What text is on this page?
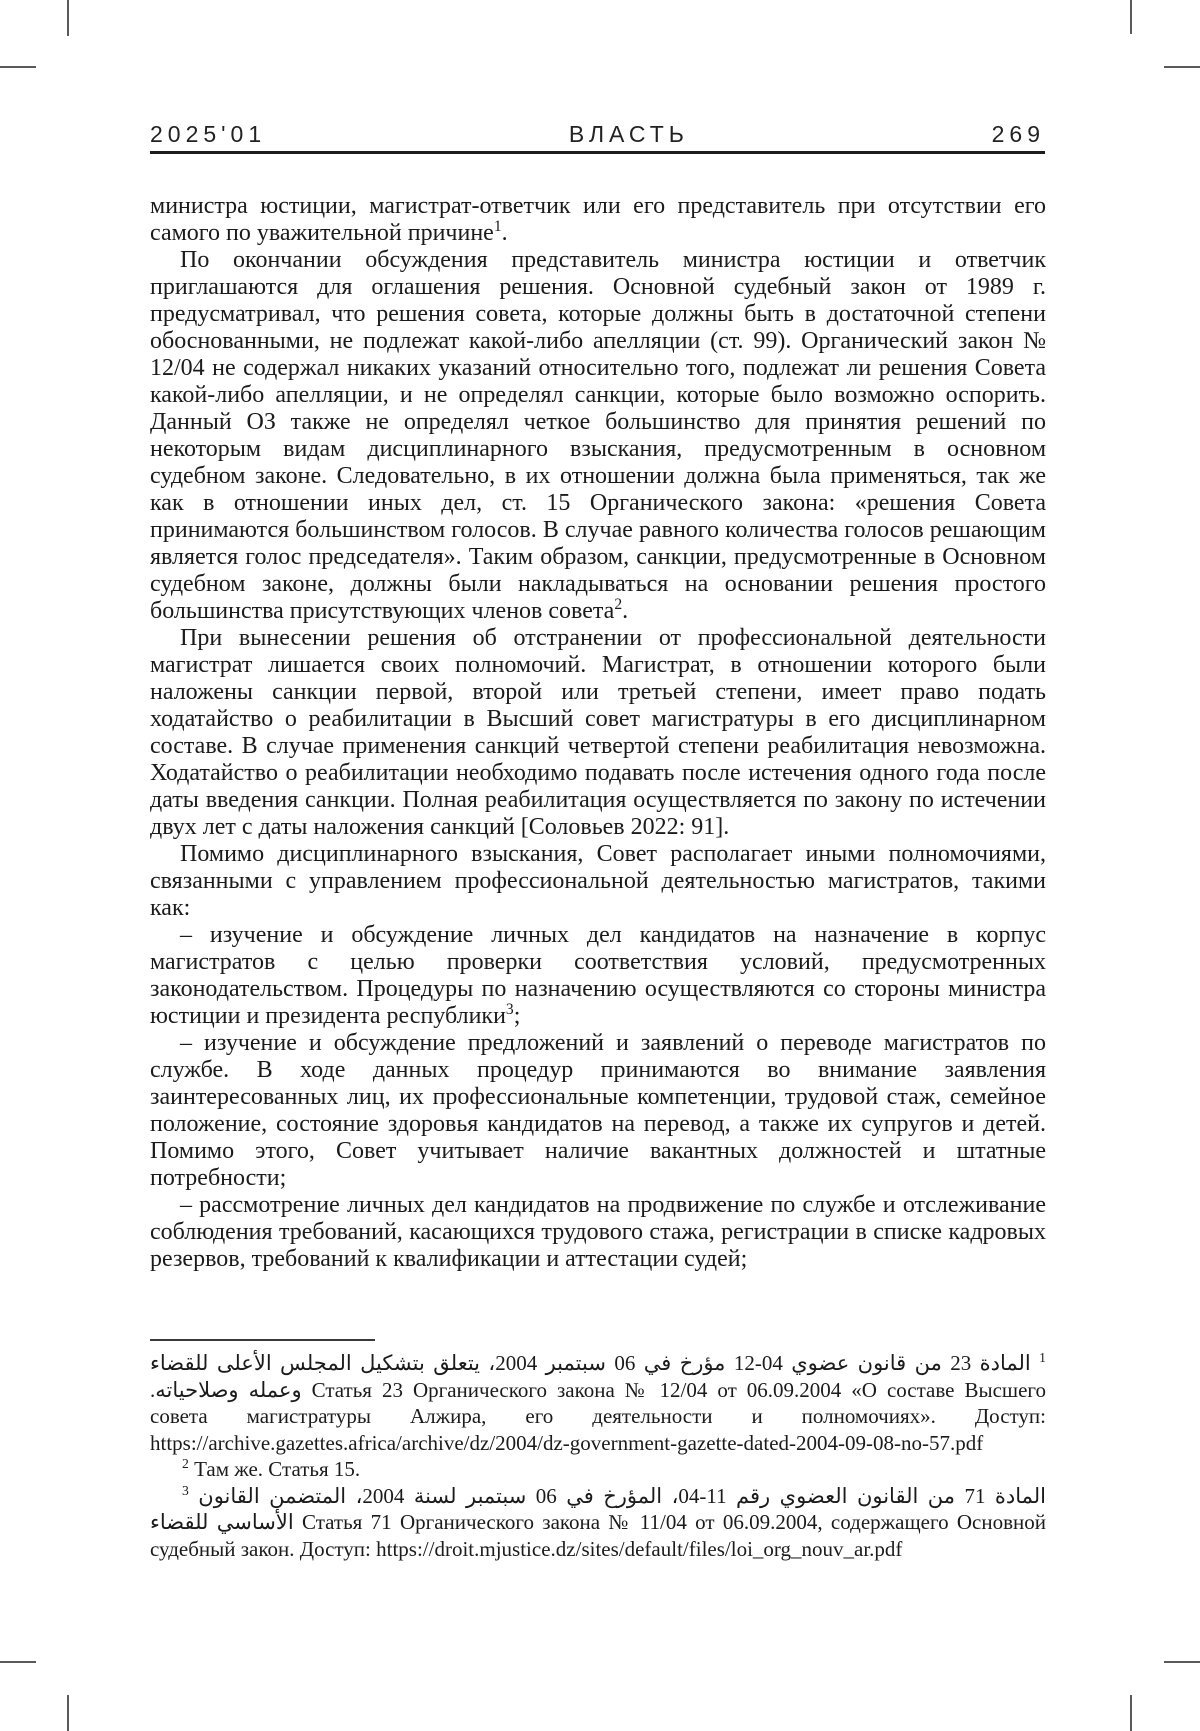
2025'01	ВЛАСТЬ	269

министра юстиции, магистрат-ответчик или его представитель при отсутствии его самого по уважительной причине$^1$.

По окончании обсуждения представитель министра юстиции и ответчик приглашаются для оглашения решения. Основной судебный закон от 1989 г. предусматривал, что решения совета, которые должны быть в достаточной степени обоснованными, не подлежат какой-либо апелляции (ст. 99). Органический закон № 12/04 не содержал никаких указаний относительно того, подлежат ли решения Совета какой-либо апелляции, и не определял санкции, которые было возможно оспорить. Данный ОЗ также не определял четкое большинство для принятия решений по некоторым видам дисциплинарного взыскания, предусмотренным в основном судебном законе. Следовательно, в их отношении должна была применяться, так же как в отношении иных дел, ст. 15 Органического закона: «решения Совета принимаются большинством голосов. В случае равного количества голосов решающим является голос председателя». Таким образом, санкции, предусмотренные в Основном судебном законе, должны были накладываться на основании решения простого большинства присутствующих членов совета$^2$.

При вынесении решения об отстранении от профессиональной деятельности магистрат лишается своих полномочий. Магистрат, в отношении которого были наложены санкции первой, второй или третьей степени, имеет право подать ходатайство о реабилитации в Высший совет магистратуры в его дисциплинарном составе. В случае применения санкций четвертой степени реабилитация невозможна. Ходатайство о реабилитации необходимо подавать после истечения одного года после даты введения санкции. Полная реабилитация осуществляется по закону по истечении двух лет с даты наложения санкций [Соловьев 2022: 91].

Помимо дисциплинарного взыскания, Совет располагает иными полномочиями, связанными с управлением профессиональной деятельностью магистратов, такими как:

– изучение и обсуждение личных дел кандидатов на назначение в корпус магистратов с целью проверки соответствия условий, предусмотренных законодательством. Процедуры по назначению осуществляются со стороны министра юстиции и президента республики$^3$;

– изучение и обсуждение предложений и заявлений о переводе магистратов по службе. В ходе данных процедур принимаются во внимание заявления заинтересованных лиц, их профессиональные компетенции, трудовой стаж, семейное положение, состояние здоровья кандидатов на перевод, а также их супругов и детей. Помимо этого, Совет учитывает наличие вакантных должностей и штатные потребности;

– рассмотрение личных дел кандидатов на продвижение по службе и отслеживание соблюдения требований, касающихся трудового стажа, регистрации в списке кадровых резервов, требований к квалификации и аттестации судей;

$^1$ المادة 23 من قانون عضوي 04-12 مؤرخ في 06 سبتمبر 2004، يتعلق بتشكيل المجلس الأعلى للقضاء وعمله وصلاحياته. Статья 23 Органического закона № 12/04 от 06.09.2004 «О составе Высшего совета магистратуры Алжира, его деятельности и полномочиях». Доступ: https://archive.gazettes.africa/archive/dz/2004/dz-government-gazette-dated-2004-09-08-no-57.pdf

$^2$ Там же. Статья 15.

$^3$ المادة 71 من القانون العضوي رقم 11-04، المؤرخ في 06 سبتمبر لسنة 2004، المتضمن القانون الأساسي للقضاء Статья 71 Органического закона № 11/04 от 06.09.2004, содержащего Основной судебный закон. Доступ: https://droit.mjustice.dz/sites/default/files/loi_org_nouv_ar.pdf
